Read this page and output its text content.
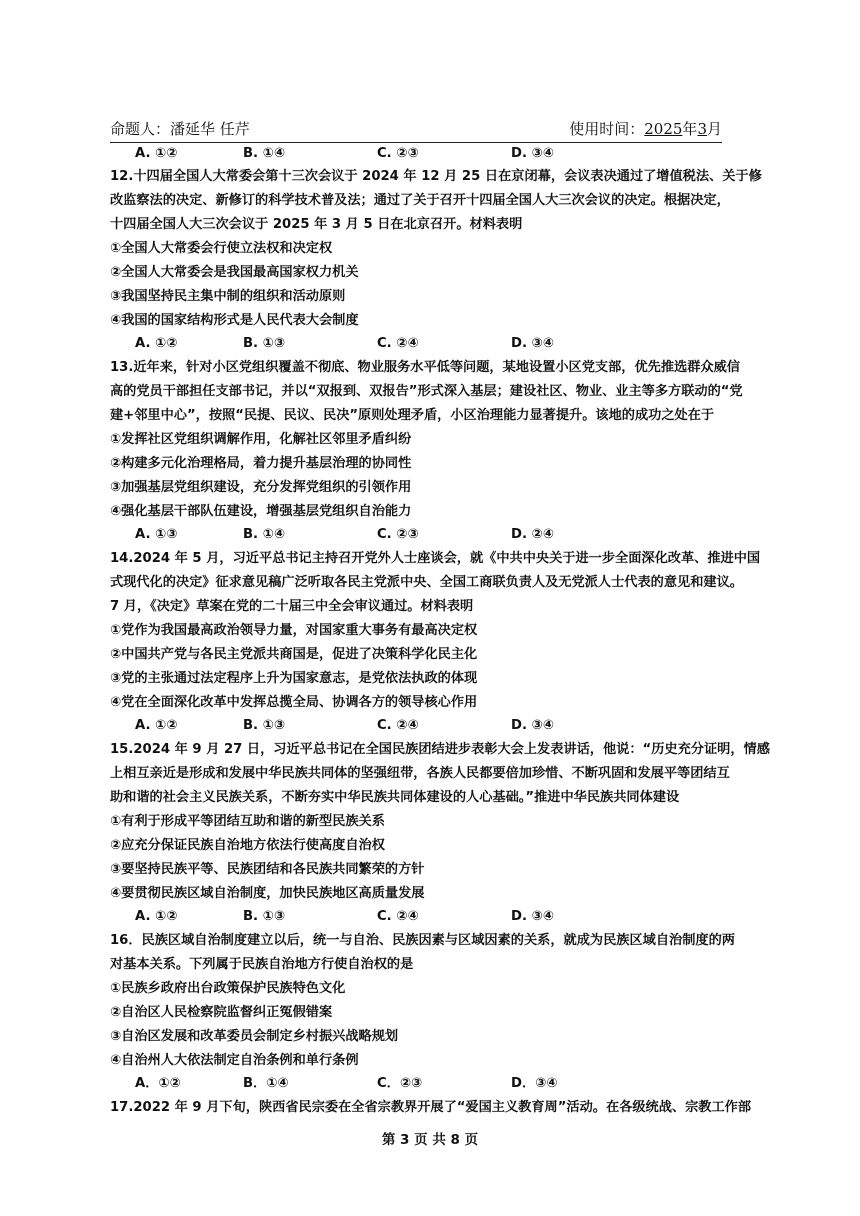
命题人：潘延华 任芹	使用时间：2025年3月
A. ①②	B. ①④	C. ②③	D. ③④
12.十四届全国人大常委会第十三次会议于 2024 年 12 月 25 日在京闭幕，会议表决通过了增值税法、关于修
改监察法的决定、新修订的科学技术普及法；通过了关于召开十四届全国人大三次会议的决定。根据决定，
十四届全国人大三次会议于 2025 年 3 月 5 日在北京召开。材料表明
①全国人大常委会行使立法权和决定权
②全国人大常委会是我国最高国家权力机关
③我国坚持民主集中制的组织和活动原则
④我国的国家结构形式是人民代表大会制度
A. ①②	B. ①③	C. ②④	D. ③④
13.近年来，针对小区党组织覆盖不彻底、物业服务水平低等问题，某地设置小区党支部，优先推选群众威信
高的党员干部担任支部书记，并以“双报到、双报告”形式深入基层；建设社区、物业、业主等多方联动的“党
建+邻里中心”，按照“民提、民议、民决”原则处理矛盾，小区治理能力显著提升。该地的成功之处在于
①发挥社区党组织调解作用，化解社区邻里矛盾纠纷
②构建多元化治理格局，着力提升基层治理的协同性
③加强基层党组织建设，充分发挥党组织的引领作用
④强化基层干部队伍建设，增强基层党组织自治能力
A. ①③	B. ①④	C. ②③	D. ②④
14.2024 年 5 月，习近平总书记主持召开党外人士座谈会，就《中共中央关于进一步全面深化改革、推进中国
式现代化的决定》征求意见稿广泛听取各民主党派中央、全国工商联负责人及无党派人士代表的意见和建议。
7 月，《决定》草案在党的二十届三中全会审议通过。材料表明
①党作为我国最高政治领导力量，对国家重大事务有最高决定权
②中国共产党与各民主党派共商国是，促进了决策科学化民主化
③党的主张通过法定程序上升为国家意志，是党依法执政的体现
④党在全面深化改革中发挥总揽全局、协调各方的领导核心作用
A. ①②	B. ①③	C. ②④	D. ③④
15.2024 年 9 月 27 日，习近平总书记在全国民族团结进步表彰大会上发表讲话，他说：“历史充分证明，情感
上相互亲近是形成和发展中华民族共同体的坚强纽带，各族人民都要倍加珍惜、不断巩固和发展平等团结互
助和谐的社会主义民族关系，不断夯实中华民族共同体建设的人心基础。”推进中华民族共同体建设
①有利于形成平等团结互助和谐的新型民族关系
②应充分保证民族自治地方依法行使高度自治权
③要坚持民族平等、民族团结和各民族共同繁荣的方针
④要贯彻民族区域自治制度，加快民族地区高质量发展
A. ①②	B. ①③	C. ②④	D. ③④
16．民族区域自治制度建立以后，统一与自治、民族因素与区域因素的关系，就成为民族区域自治制度的两
对基本关系。下列属于民族自治地方行使自治权的是
①民族乡政府出台政策保护民族特色文化
②自治区人民检察院监督纠正冤假错案
③自治区发展和改革委员会制定乡村振兴战略规划
④自治州人大依法制定自治条例和单行条例
A．①②	B．①④	C．②③	D．③④
17.2022 年 9 月下旬，陕西省民宗委在全省宗教界开展了“爱国主义教育周”活动。在各级统战、宗教工作部
第 3 页 共 8 页
